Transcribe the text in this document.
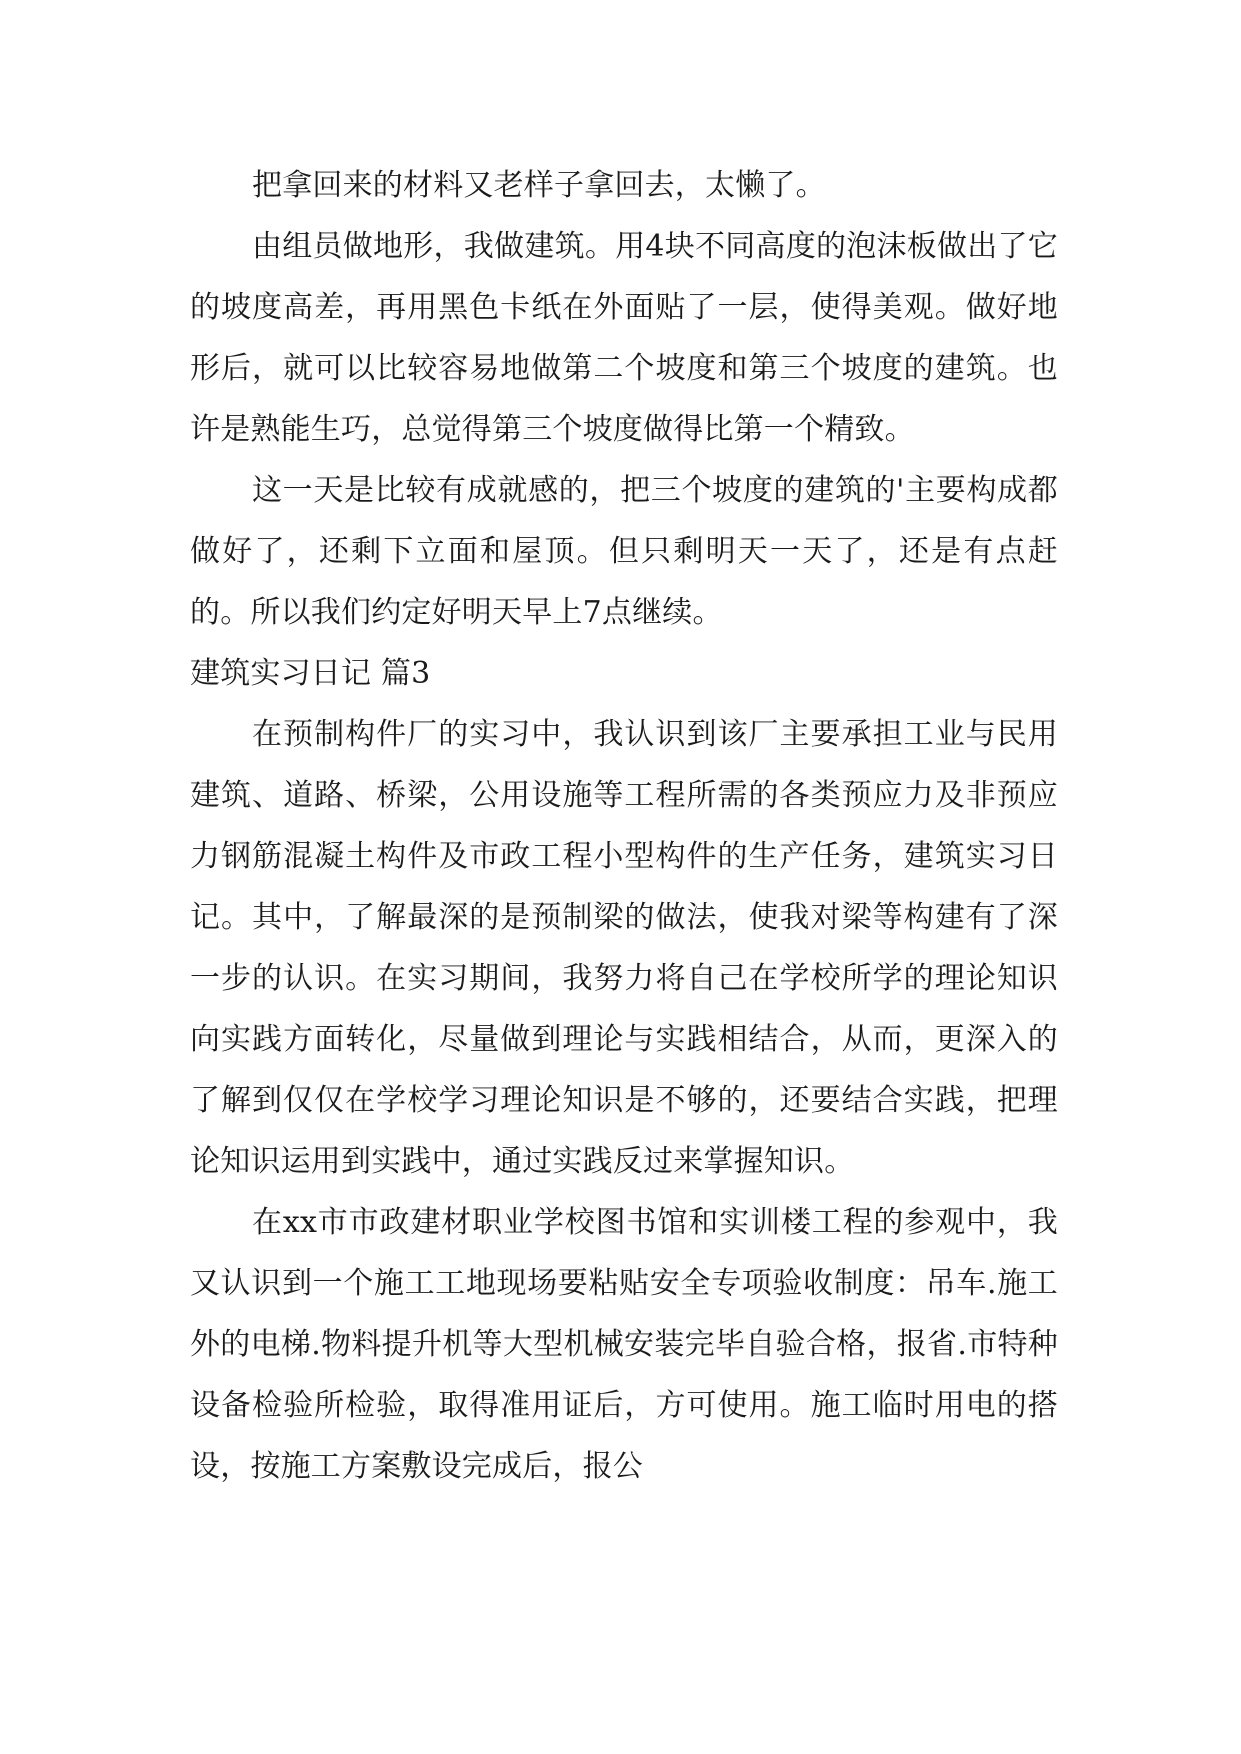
把拿回来的材料又老样子拿回去，太懒了。

由组员做地形，我做建筑。用4块不同高度的泡沫板做出了它的坡度高差，再用黑色卡纸在外面贴了一层，使得美观。做好地形后，就可以比较容易地做第二个坡度和第三个坡度的建筑。也许是熟能生巧，总觉得第三个坡度做得比第一个精致。

这一天是比较有成就感的，把三个坡度的建筑的'主要构成都做好了，还剩下立面和屋顶。但只剩明天一天了，还是有点赶的。所以我们约定好明天早上7点继续。

建筑实习日记 篇3

在预制构件厂的实习中，我认识到该厂主要承担工业与民用建筑、道路、桥梁，公用设施等工程所需的各类预应力及非预应力钢筋混凝土构件及市政工程小型构件的生产任务，建筑实习日记。其中，了解最深的是预制梁的做法，使我对梁等构建有了深一步的认识。在实习期间，我努力将自己在学校所学的理论知识向实践方面转化，尽量做到理论与实践相结合，从而，更深入的了解到仅仅在学校学习理论知识是不够的，还要结合实践，把理论知识运用到实践中，通过实践反过来掌握知识。

在xx市市政建材职业学校图书馆和实训楼工程的参观中，我又认识到一个施工工地现场要粘贴安全专项验收制度：吊车.施工外的电梯.物料提升机等大型机械安装完毕自验合格，报省.市特种设备检验所检验，取得准用证后，方可使用。施工临时用电的搭设，按施工方案敷设完成后，报公
